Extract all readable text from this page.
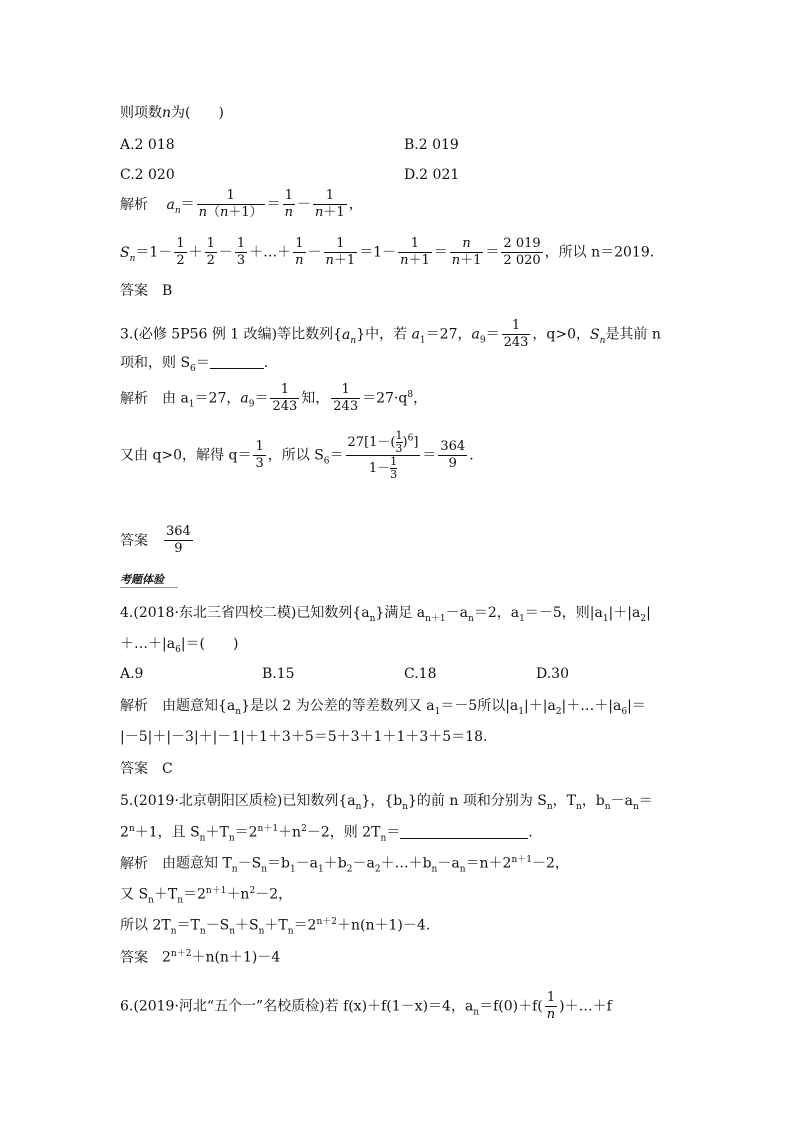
则项数n为(　　)
A.2 018	B.2 019
C.2 020	D.2 021
解析 $a_n= \frac{1}{n(n+1)} = \frac{1}{n} - \frac{1}{n+1}$ ，
$S_n=1- \frac{1}{2} + \frac{1}{2} - \frac{1}{3}$ ＋…＋ $\frac{1}{n} - \frac{1}{n+1} =1- \frac{1}{n+1} = \frac{n}{n+1} = \frac{2 019}{2 020}$ ，所以 n＝2019.
答案 B
3.(必修 5P56 例 1 改编)等比数列$\{a_n\}$中，若 $a_1=27$，$a_9= \frac{1}{243}$ ，q>0，$S_n$是其前 n
项和，则 $S_6=$	.
解析 由 $a_1=27$，$a_9= \frac{1}{243}$ 知， $\frac{1}{243} =27\cdot q^8$，
又由 q>0，解得 $q= \frac{1}{3}$ ，所以 $S_6= \frac{27[1-( \frac{1}{3} )^6]}{1- \frac{1}{3}} = \frac{364}{9}$ .
答案 $\frac{364}{9}$
考题体验
4.(2018·东北三省四校二模)已知数列$\{a_n\}$满足 $a_{n+1}-a_n=2$，$a_1=-5$，则$|a_1|+|a_2|$
$+\dots+|a_6|=$(　　)
A.9	B.15	C.18	D.30
解析 由题意知$\{a_n\}$是以 2 为公差的等差数列又 $a_1=-5$所以$|a_1|+|a_2|+\dots+|a_6|=$
|－5|＋|－3|＋|－1|＋1＋3＋5＝5＋3＋1＋1＋3＋5＝18.
答案 C
5.(2019·北京朝阳区质检)已知数列$\{a_n\}$，$\{b_n\}$的前 n 项和分别为 $S_n$，$T_n$，$b_n-a_n=$
$2^n+1$，且 $S_n+T_n=2^{n+1}+n^2-2$，则 $2T_n=$	.
解析 由题意知 $T_n-S_n=b_1-a_1+b_2-a_2+\dots+b_n-a_n=n+2^{n+1}-2$，
又 $S_n+T_n=2^{n+1}+n^2-2$，
所以 $2T_n=T_n-S_n+S_n+T_n=2^{n+2}+n(n+1)-4$.
答案 $2^{n+2}+n(n+1)-4$
6.(2019·河北“五个一”名校质检)若 f(x)＋f(1－x)＝4，$a_n=f(0)+f( \frac{1}{n}$ )＋…＋f
